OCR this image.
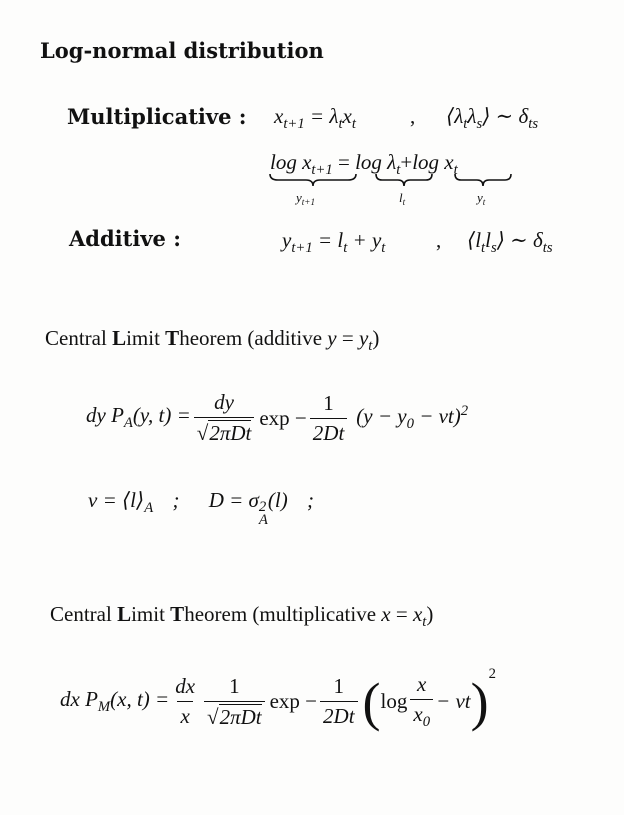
Log-normal distribution
Multiplicative : $x_{t+1} = \lambda_tx_t$	, $⟨\lambda_t\lambda_s⟩$ ∼ $\delta_{ts}$
$\log x_{t+1} = \log \lambda_t+\log$ $x_t$
$y_{t+1}$	$l_t$	$y_t$
Additive :	$y_{t+1} = l_t + y_t$ , $⟨l_tl_s⟩$ ∼ $\delta_{ts}$
Central Limit Theorem (additive $y = y_t$)
dy $P_A(y$, $t) = \frac{dy}{\text{√2πDt}}$ $\exp - \frac{1}{2Dt} (y - y_0 - vt)^2$
$v = ⟨l⟩_A$ ; D = σ 2
A
(l) ;
Central Limit Theorem (multiplicative $x = x_t$)
dx $P_M(x$, $t) = \frac{dx}{x} \frac{1}{\text{√2πDt}}$ $\exp - \frac{1}{2Dt}$ ( $\log \frac{x}{x_0}$ − vt ) 2
